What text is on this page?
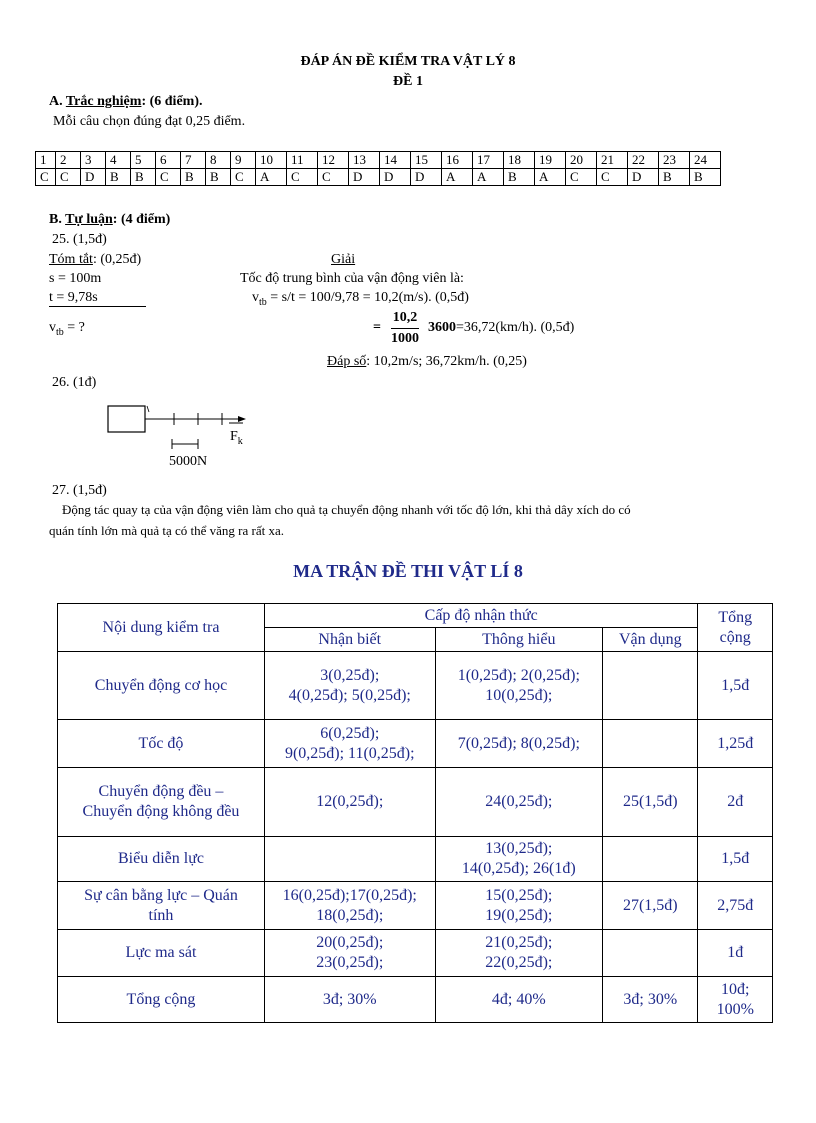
ĐÁP ÁN ĐỀ KIỂM TRA VẬT LÝ 8
ĐỀ 1
A. Trắc nghiệm: (6 điểm).
Mỗi câu chọn đúng đạt 0,25 điểm.
1	2	3	4	5	6	7	8	9	10	11	12	13	14	15	16	17	18	19	20	21	22	23	24
C	C	D	B	B	C	B	B	C	A	C	C	D	D	D	A	A	B	A	C	C	D	B	B
B. Tự luận: (4 điểm)
25. (1,5đ)
Tóm tắt: (0,25đ)
s = 100m
t = 9,78s
$v_{tb}$ = ?
Giải
Tốc độ trung bình của vận động viên là:
$v_{tb} = s/t = 100/9,78 = 10,2(m/s)$. (0,5đ)
= $\frac{10,2}{1000} 3600=36,72(km/h)$. (0,5đ)
Đáp số: 10,2m/s; 36,72km/h. (0,25)
26. (1đ)
$F_k$
5000N
27. (1,5đ)
Động tác quay tạ của vận động viên làm cho quả tạ chuyển động nhanh với tốc độ lớn, khi thả dây xích do có
quán tính lớn mà quả tạ có thể văng ra rất xa.
MA TRẬN ĐỀ THI VẬT LÍ 8
Nội dung kiểm tra	Cấp độ nhận thức			Tổng
cộng

	Nhận biết	Thông hiểu	Vận dụng	

Chuyển động cơ học	3(0,25đ);
4(0,25đ); 5(0,25đ);	1(0,25đ); 2(0,25đ);
10(0,25đ);		1,5đ

Tốc độ	6(0,25đ);
9(0,25đ); 11(0,25đ);	7(0,25đ); 8(0,25đ);		1,25đ

Chuyển động đều –
Chuyển động không đều	12(0,25đ);	24(0,25đ);	25(1,5đ)	2đ

Biểu diễn lực		13(0,25đ);
14(0,25đ); 26(1đ)		1,5đ

Sự cân bằng lực – Quán
tính	16(0,25đ);17(0,25đ);
18(0,25đ);	15(0,25đ);
19(0,25đ);	27(1,5đ)	2,75đ

Lực ma sát	20(0,25đ);
23(0,25đ);	21(0,25đ);
22(0,25đ);		1đ

Tổng cộng	3đ; 30%	4đ; 40%	3đ; 30%	10đ;
100%
